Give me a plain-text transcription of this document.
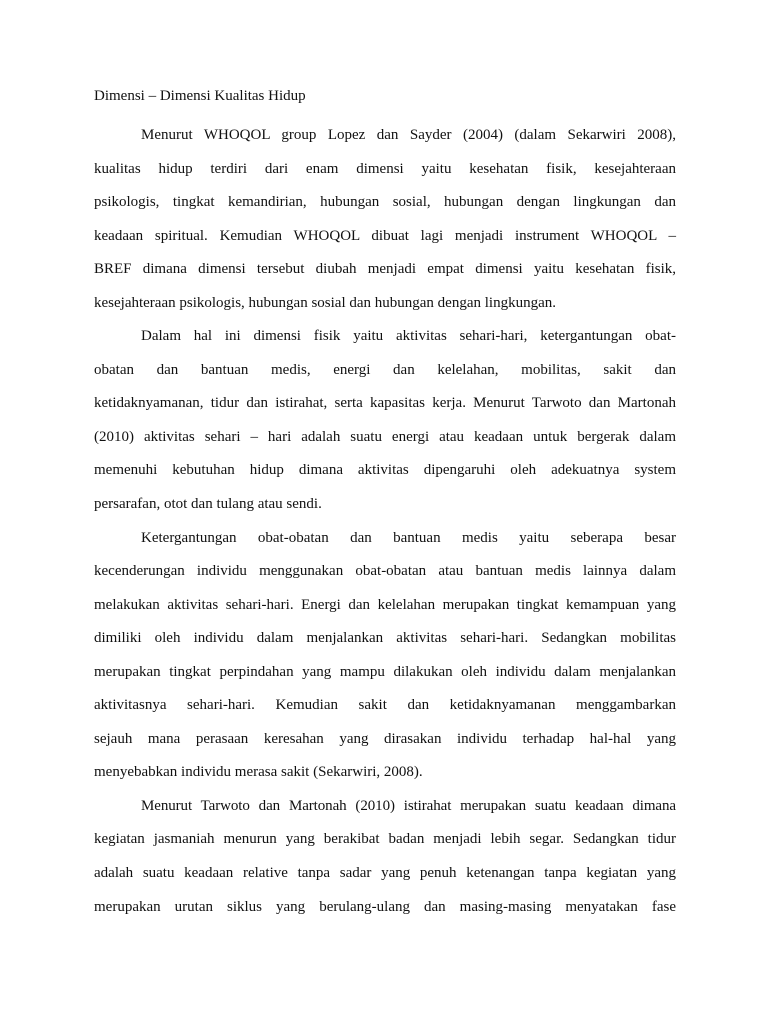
Dimensi – Dimensi Kualitas Hidup
Menurut WHOQOL group Lopez dan Sayder (2004) (dalam Sekarwiri 2008),
kualitas hidup terdiri dari enam dimensi yaitu kesehatan fisik, kesejahteraan
psikologis, tingkat kemandirian, hubungan sosial, hubungan dengan lingkungan dan
keadaan spiritual. Kemudian WHOQOL dibuat lagi menjadi instrument WHOQOL –
BREF dimana dimensi tersebut diubah menjadi empat dimensi yaitu kesehatan fisik,
kesejahteraan psikologis, hubungan sosial dan hubungan dengan lingkungan.
Dalam hal ini dimensi fisik yaitu aktivitas sehari-hari, ketergantungan obat-
obatan dan bantuan medis, energi dan kelelahan, mobilitas, sakit dan
ketidaknyamanan, tidur dan istirahat, serta kapasitas kerja. Menurut Tarwoto dan Martonah
(2010) aktivitas sehari – hari adalah suatu energi atau keadaan untuk bergerak dalam
memenuhi kebutuhan hidup dimana aktivitas dipengaruhi oleh adekuatnya system
persarafan, otot dan tulang atau sendi.
Ketergantungan obat-obatan dan bantuan medis yaitu seberapa besar
kecenderungan individu menggunakan obat-obatan atau bantuan medis lainnya dalam
melakukan aktivitas sehari-hari. Energi dan kelelahan merupakan tingkat kemampuan yang
dimiliki oleh individu dalam menjalankan aktivitas sehari-hari. Sedangkan mobilitas
merupakan tingkat perpindahan yang mampu dilakukan oleh individu dalam menjalankan
aktivitasnya sehari-hari. Kemudian sakit dan ketidaknyamanan menggambarkan
sejauh mana perasaan keresahan yang dirasakan individu terhadap hal-hal yang
menyebabkan individu merasa sakit (Sekarwiri, 2008).
Menurut Tarwoto dan Martonah (2010) istirahat merupakan suatu keadaan dimana
kegiatan jasmaniah menurun yang berakibat badan menjadi lebih segar. Sedangkan tidur
adalah suatu keadaan relative tanpa sadar yang penuh ketenangan tanpa kegiatan yang
merupakan urutan siklus yang berulang-ulang dan masing-masing menyatakan fase
